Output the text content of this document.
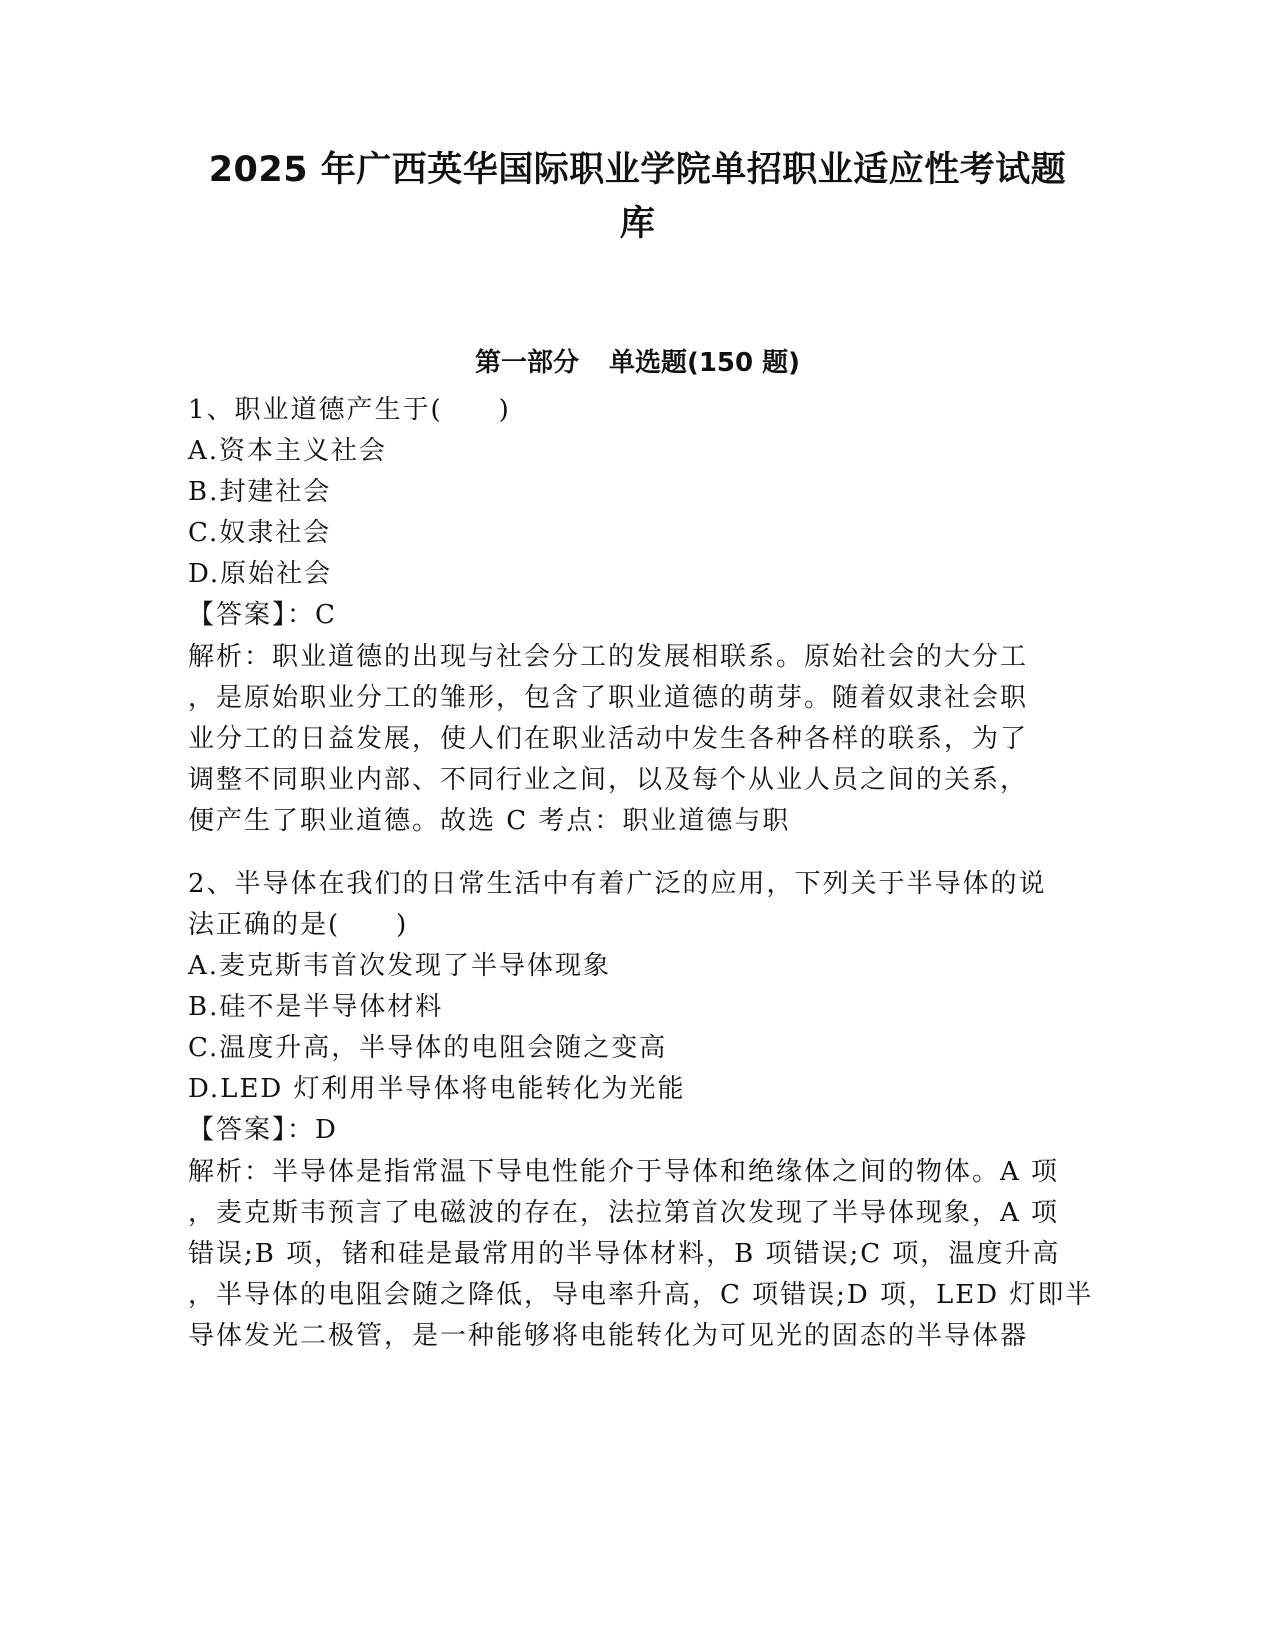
2025 年广西英华国际职业学院单招职业适应性考试题
库
第一部分 单选题(150 题)
1、职业道德产生于(　　)
A.资本主义社会
B.封建社会
C.奴隶社会
D.原始社会
【答案】：C
解析：职业道德的出现与社会分工的发展相联系。原始社会的大分工
，是原始职业分工的雏形，包含了职业道德的萌芽。随着奴隶社会职
业分工的日益发展，使人们在职业活动中发生各种各样的联系，为了
调整不同职业内部、不同行业之间，以及每个从业人员之间的关系，
便产生了职业道德。故选 C 考点：职业道德与职
2、半导体在我们的日常生活中有着广泛的应用，下列关于半导体的说
法正确的是(　　)
A.麦克斯韦首次发现了半导体现象
B.硅不是半导体材料
C.温度升高，半导体的电阻会随之变高
D.LED 灯利用半导体将电能转化为光能
【答案】：D
解析：半导体是指常温下导电性能介于导体和绝缘体之间的物体。A 项
，麦克斯韦预言了电磁波的存在，法拉第首次发现了半导体现象，A 项
错误;B 项，锗和硅是最常用的半导体材料，B 项错误;C 项，温度升高
，半导体的电阻会随之降低，导电率升高，C 项错误;D 项，LED 灯即半
导体发光二极管，是一种能够将电能转化为可见光的固态的半导体器
